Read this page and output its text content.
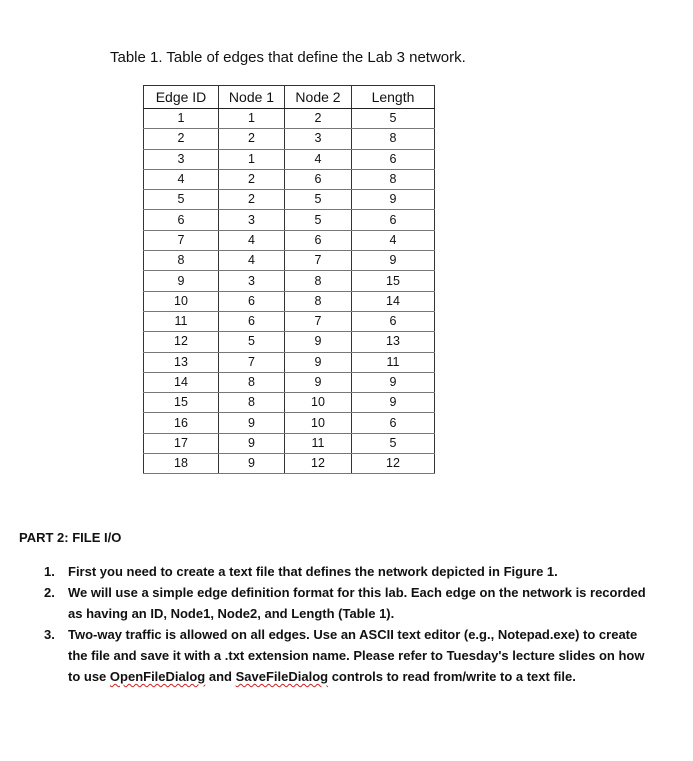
Table 1. Table of edges that define the Lab 3 network.
Edge ID	Node 1	Node 2	Length
1	1	2	5
2	2	3	8
3	1	4	6
4	2	6	8
5	2	5	9
6	3	5	6
7	4	6	4
8	4	7	9
9	3	8	15
10	6	8	14
11	6	7	6
12	5	9	13
13	7	9	11
14	8	9	9
15	8	10	9
16	9	10	6
17	9	11	5
18	9	12	12
PART 2: FILE I/O
1. First you need to create a text file that defines the network depicted in Figure 1.
2. We will use a simple edge definition format for this lab. Each edge on the network is recorded as having an ID, Node1, Node2, and Length (Table 1).
3. Two-way traffic is allowed on all edges. Use an ASCII text editor (e.g., Notepad.exe) to create the file and save it with a .txt extension name. Please refer to Tuesday's lecture slides on how to use OpenFileDialog and SaveFileDialog controls to read from/write to a text file.
